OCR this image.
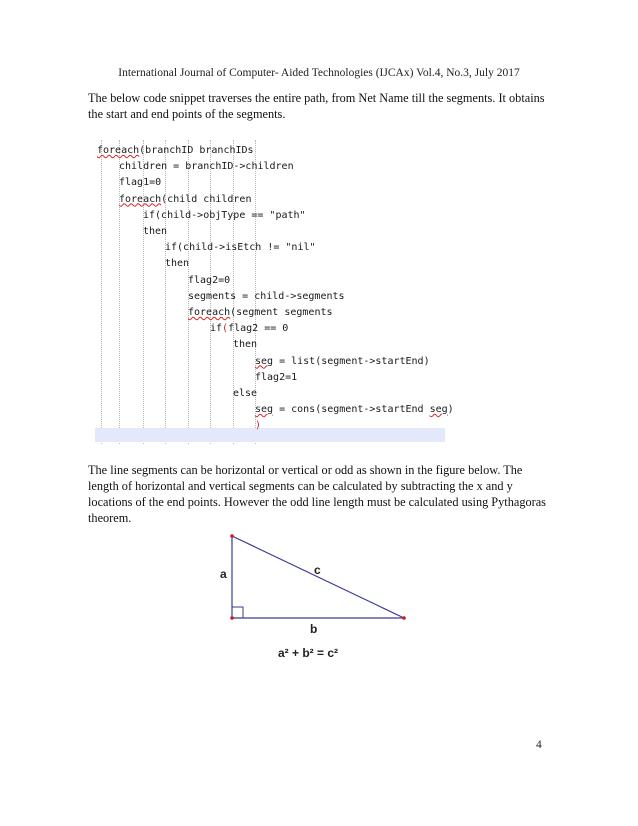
International Journal of Computer- Aided Technologies (IJCAx) Vol.4, No.3, July 2017

The below code snippet traverses the entire path, from Net Name till the segments. It obtains the start and end points of the segments.

foreach(branchID branchIDs
children = branchID->children
flag1=0
foreach(child children
if(child->objType == "path"
then
if(child->isEtch != "nil"
then
flag2=0
segments = child->segments
foreach(segment segments
if(flag2 == 0
then
seg = list(segment->startEnd)
flag2=1
else
seg = cons(segment->startEnd seg)
)
a	c
b
a² + b² = c²

The line segments can be horizontal or vertical or odd as shown in the figure below. The length of horizontal and vertical segments can be calculated by subtracting the x and y locations of the end points. However the odd line length must be calculated using Pythagoras theorem.

4
